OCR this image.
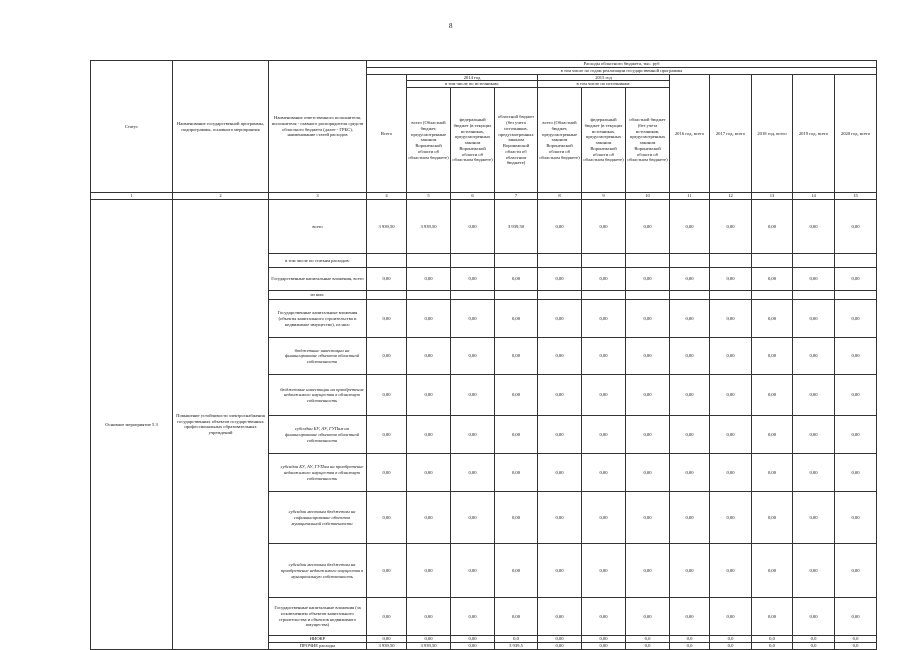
8
Статус	Наименование государственной программы, подпрограммы, основного мероприятия	Наименование ответственного исполнителя, исполнителя - главного распорядителя средств областного бюджета (далее - ГРБС), наименование статей расходов	Расходы областного бюджета, тыс. руб											
			в том числе по годам реализации государственной программы											
			Всего	2014 год			2015 год			2016 год, всего	2017 год, всего	2018 год, всего	2019 год, всего	2020 год, всего
				в том числе по источникам:			в том числе по источникам:							
				всего (Областной бюджет, предусмотренные законом Воронежской области об областном бюджете)	федеральный бюджет (в текущих источниках, предусмотренных законом Воронежской области об областном бюджете)	областной бюджет (без учета источников, предусмотренных законом Воронежской области об областном бюджете)	всего (Областной бюджет, предусмотренные законом Воронежской области об областном бюджете)	федеральный бюджет (в текущих источниках, предусмотренных законом Воронежской области об областном бюджете)	областной бюджет (без учета источников, предусмотренных законом Воронежской области об областном бюджете)					
1	2	3	4	5	6	7	8	9	10	11	12	13	14	15
Основное мероприятие 5.3	Повышение устойчивости электроснабжения государственных объектов государственных профессиональных образовательных учреждений	всего	3 939,50	3 939,50	0,00	3 939,50	0,00	0,00	0,00	0,00	0,00	0,00	0,00	0,00
		в том числе по статьям расходов:												
		Государственные капитальные вложения, всего	0,00	0,00	0,00	0,00	0,00	0,00	0,00	0,00	0,00	0,00	0,00	0,00
		из них:												
		Государственные капитальные вложения (объекты капитального строительства и недвижимое имущество), из них:	0,00	0,00	0,00	0,00	0,00	0,00	0,00	0,00	0,00	0,00	0,00	0,00
		бюджетные инвестиции на финансирование объектов областной собственности	0,00	0,00	0,00	0,00	0,00	0,00	0,00	0,00	0,00	0,00	0,00	0,00
		бюджетные инвестиции на приобретение недвижимого имущества в областную собственность	0,00	0,00	0,00	0,00	0,00	0,00	0,00	0,00	0,00	0,00	0,00	0,00
		субсидии БУ, АУ, ГУПам на финансирование объектов областной собственности	0,00	0,00	0,00	0,00	0,00	0,00	0,00	0,00	0,00	0,00	0,00	0,00
		субсидии БУ, АУ, ГУПам на приобретение недвижимого имущества в областную собственность	0,00	0,00	0,00	0,00	0,00	0,00	0,00	0,00	0,00	0,00	0,00	0,00
		субсидии местным бюджетам на софинансирование объектов муниципальной собственности	0,00	0,00	0,00	0,00	0,00	0,00	0,00	0,00	0,00	0,00	0,00	0,00
		субсидии местным бюджетам на приобретение недвижимого имущества в муниципальную собственность	0,00	0,00	0,00	0,00	0,00	0,00	0,00	0,00	0,00	0,00	0,00	0,00
		Государственные капитальные вложения (за исключением объектов капитального строительства и объектов недвижимого имущества)	0,00	0,00	0,00	0,00	0,00	0,00	0,00	0,00	0,00	0,00	0,00	0,00
		НИОКР	0,00	0,00	0,00	0,0	0,00	0,00	0,0	0,0	0,0	0,0	0,0	0,0
		ПРОЧИЕ расходы	3 939,50	3 939,50	0,00	3 939,5	0,00	0,00	0,0	0,0	0,0	0,0	0,0	0,0
